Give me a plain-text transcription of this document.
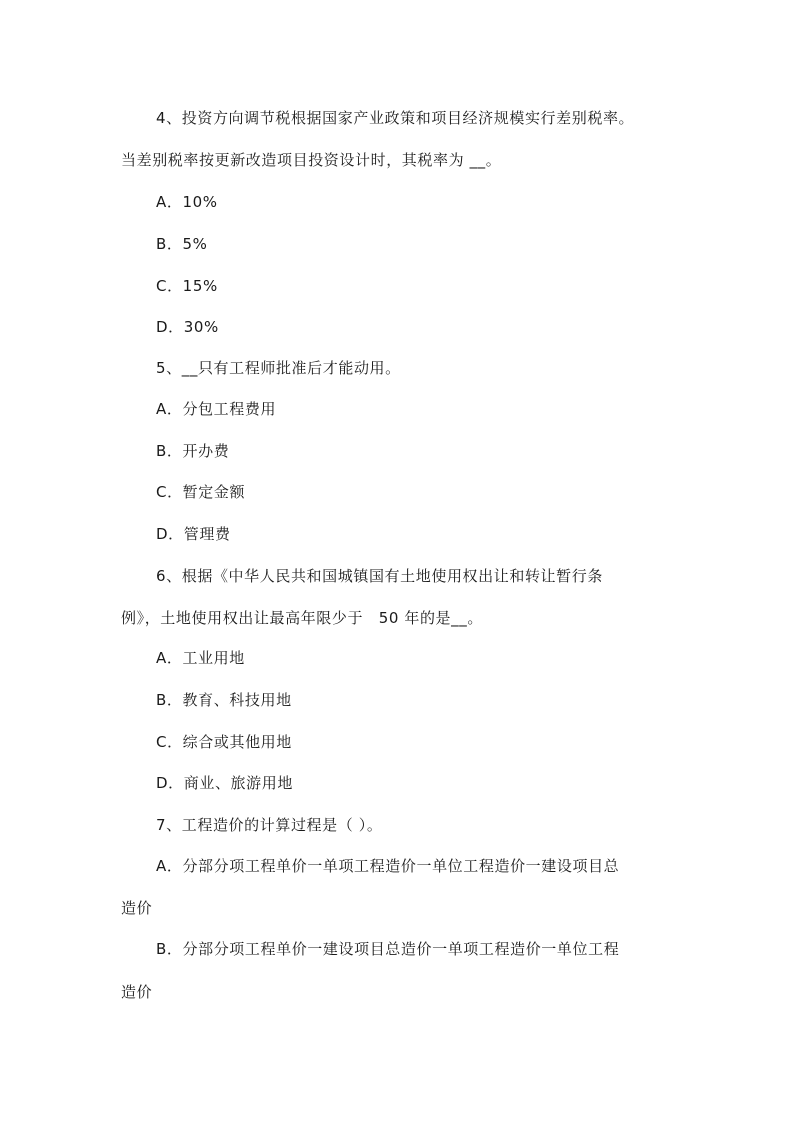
4、投资方向调节税根据国家产业政策和项目经济规模实行差别税率。
当差别税率按更新改造项目投资设计时，其税率为 __。
A．10%
B．5%
C．15%
D．30%
5、__只有工程师批准后才能动用。
A．分包工程费用
B．开办费
C．暂定金额
D．管理费
6、根据《中华人民共和国城镇国有土地使用权出让和转让暂行条
例》，土地使用权出让最高年限少于　50 年的是__。
A．工业用地
B．教育、科技用地
C．综合或其他用地
D．商业、旅游用地
7、工程造价的计算过程是（ ）。
A．分部分项工程单价一单项工程造价一单位工程造价一建设项目总
造价
B．分部分项工程单价一建设项目总造价一单项工程造价一单位工程
造价
